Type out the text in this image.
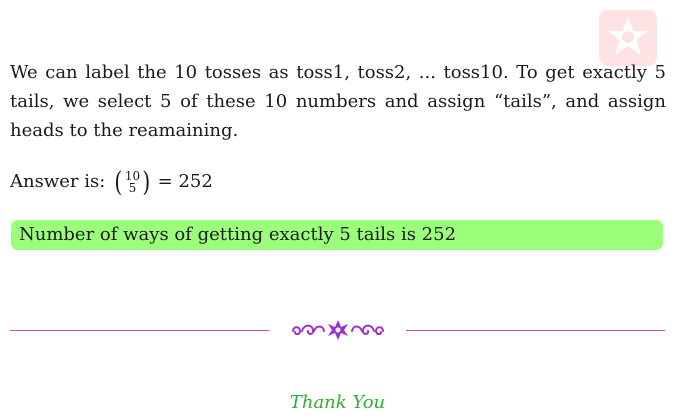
We can label the 10 tosses as toss1, toss2, ... toss10. To get exactly 5 tails, we select 5 of these 10 numbers and assign “tails”, and assign heads to the reamaining.

Answer is: ( 10
5 ) = 252
Number of ways of getting exactly 5 tails is 252
Thank You
